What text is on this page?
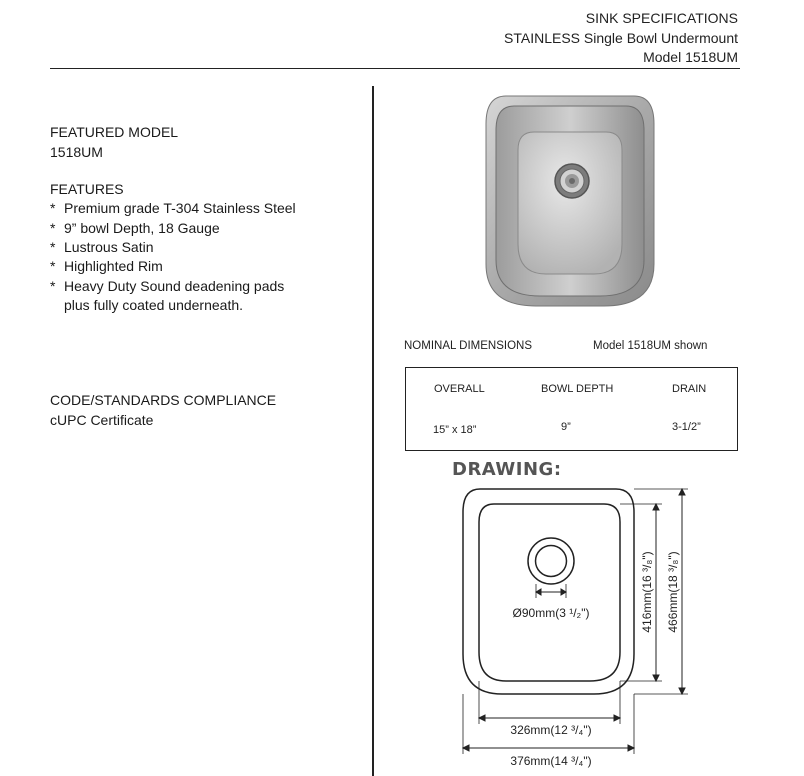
SINK SPECIFICATIONS
STAINLESS Single Bowl Undermount
Model 1518UM
FEATURED MODEL
1518UM
FEATURES
* Premium grade T-304 Stainless Steel
* 9” bowl Depth, 18 Gauge
* Lustrous Satin
* Highlighted Rim
* Heavy Duty Sound deadening pads
plus fully coated underneath.
CODE/STANDARDS COMPLIANCE
cUPC Certificate
NOMINAL DIMENSIONS	Model 1518UM shown
OVERALL	BOWL DEPTH	DRAIN
15” x 18”	9”	3-1/2”
DRAWING:
Ø90mm(3 ¹/₂")
326mm(12 ³/₄")
376mm(14 ³/₄")
416mm(16 ³/₈") 466mm(18 ³/₈")
